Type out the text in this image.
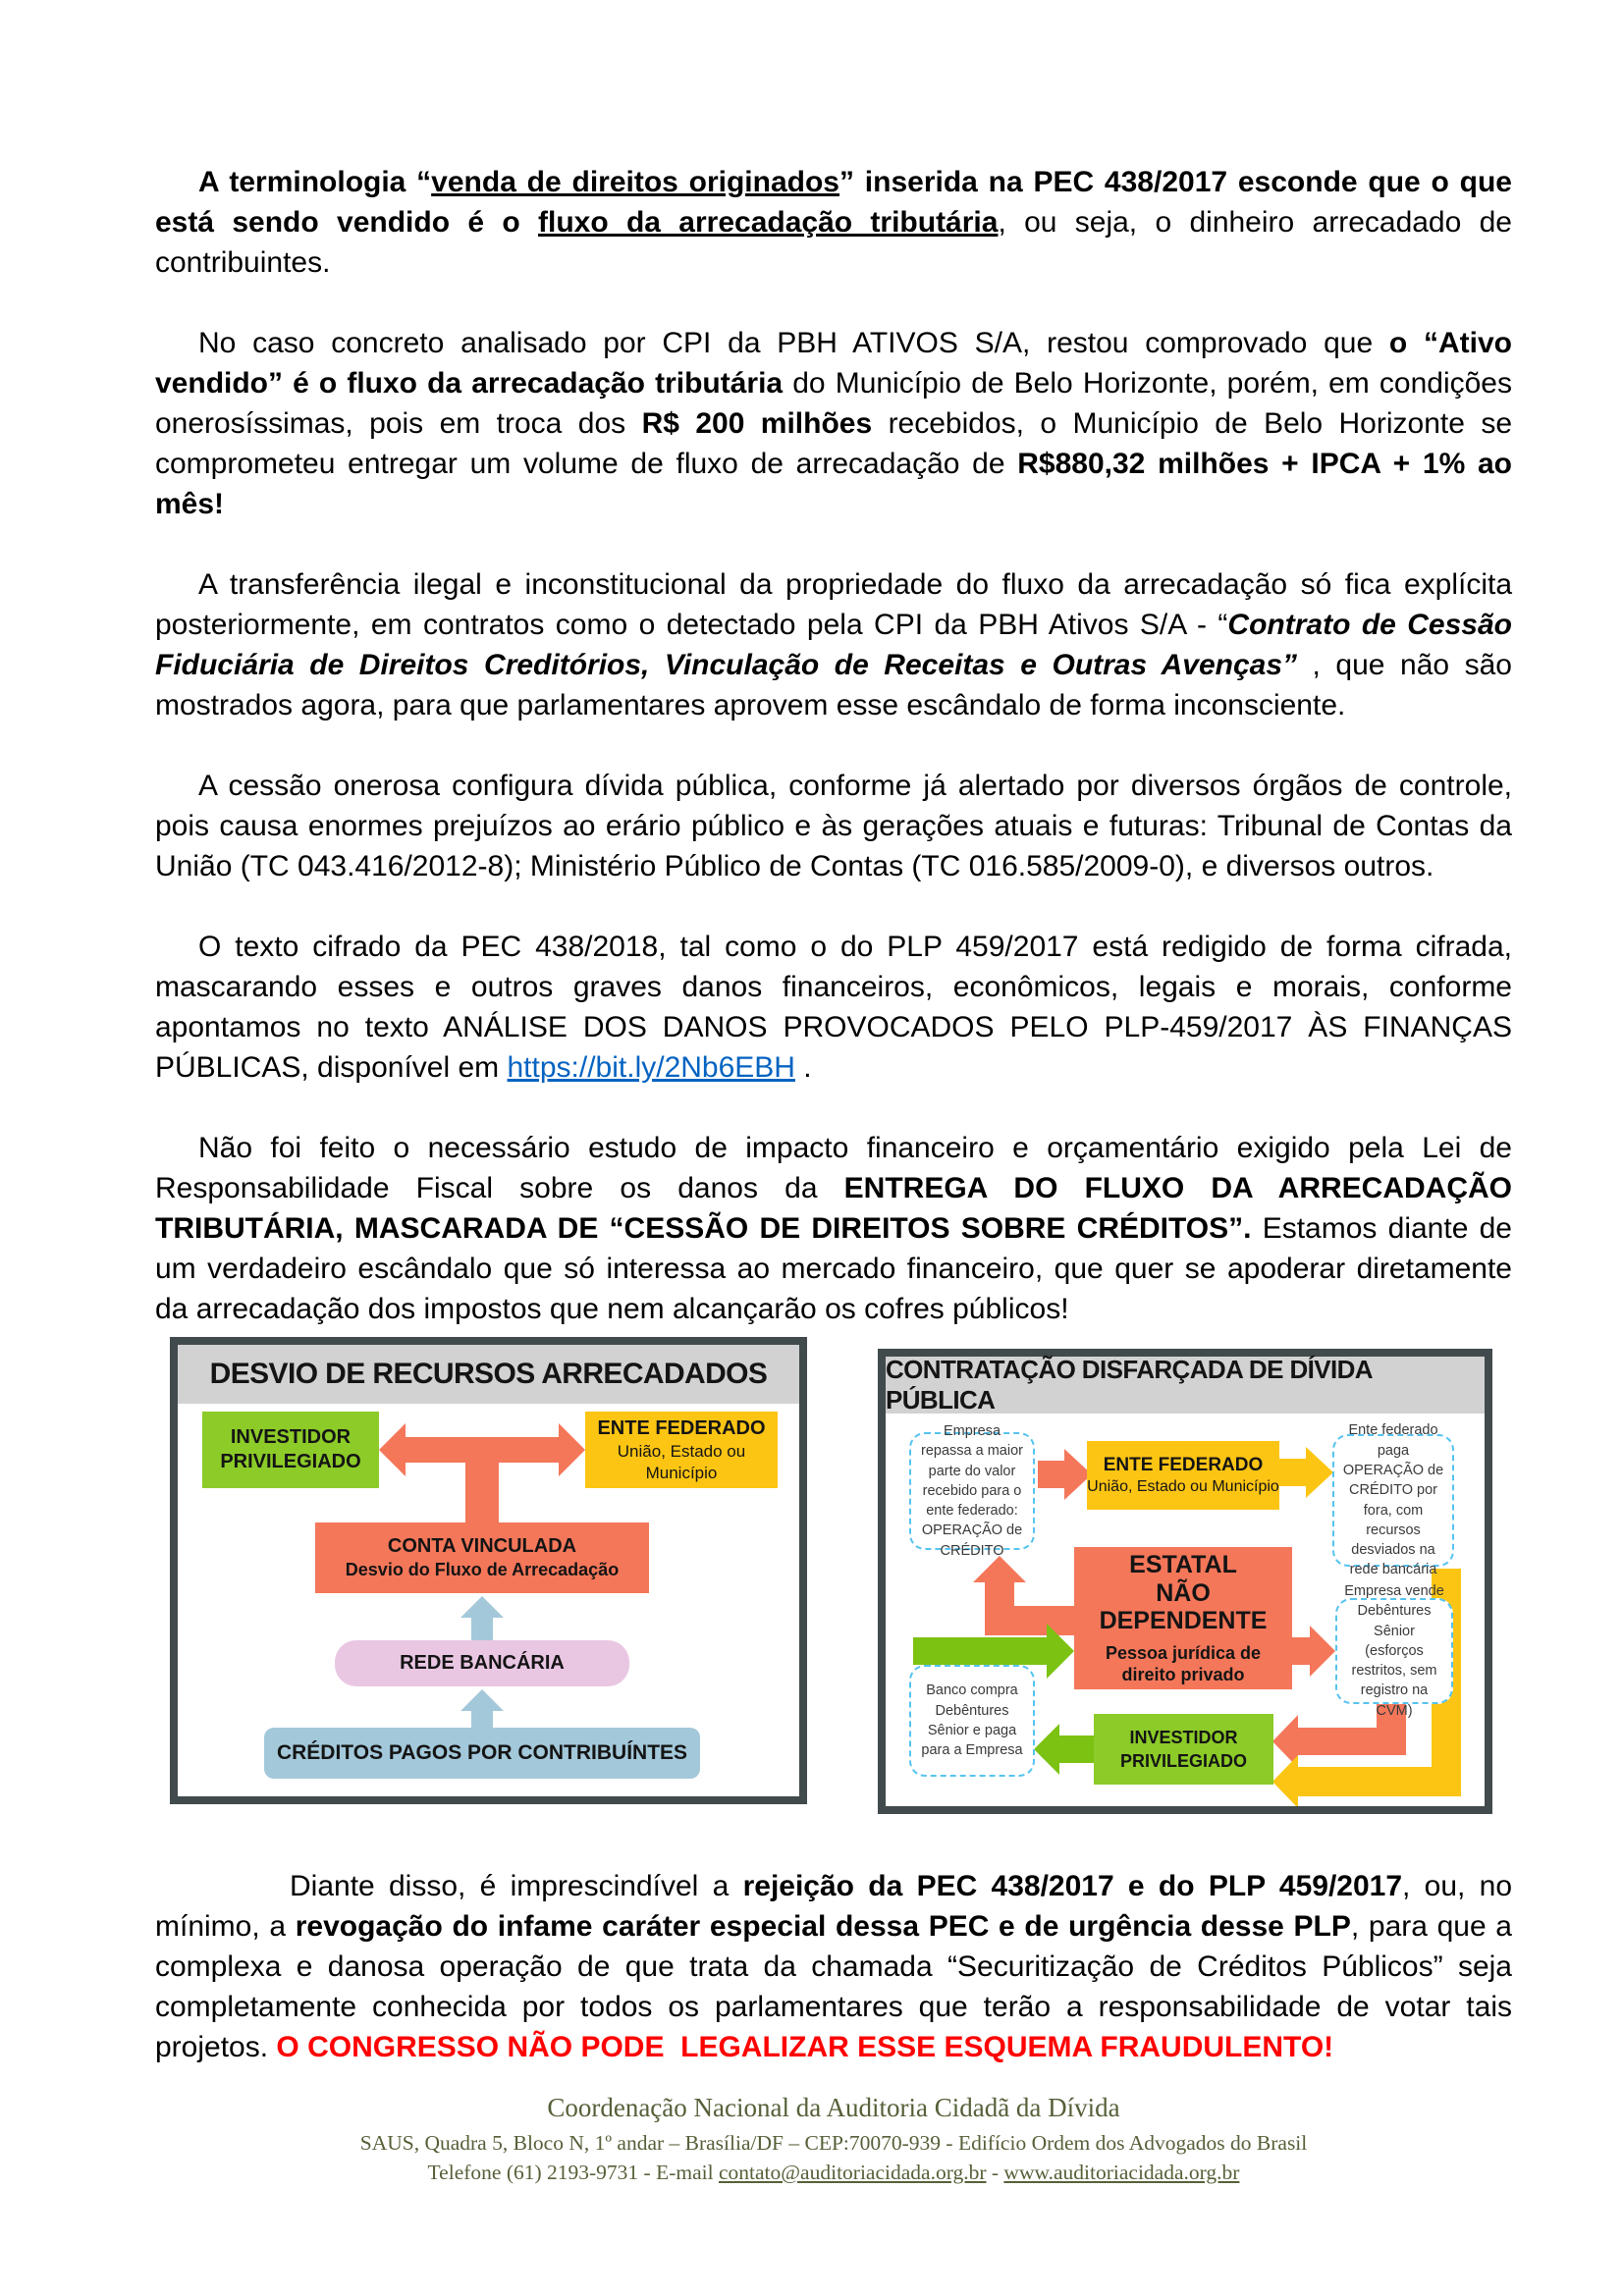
A terminologia “venda de direitos originados” inserida na PEC 438/2017 esconde que o que está sendo vendido é o fluxo da arrecadação tributária, ou seja, o dinheiro arrecadado de contribuintes.
No caso concreto analisado por CPI da PBH ATIVOS S/A, restou comprovado que o “Ativo vendido” é o fluxo da arrecadação tributária do Município de Belo Horizonte, porém, em condições onerosíssimas, pois em troca dos R$ 200 milhões recebidos, o Município de Belo Horizonte se comprometeu entregar um volume de fluxo de arrecadação de R$880,32 milhões + IPCA + 1% ao mês!
A transferência ilegal e inconstitucional da propriedade do fluxo da arrecadação só fica explícita posteriormente, em contratos como o detectado pela CPI da PBH Ativos S/A - “Contrato de Cessão Fiduciária de Direitos Creditórios, Vinculação de Receitas e Outras Avenças” , que não são mostrados agora, para que parlamentares aprovem esse escândalo de forma inconsciente.
A cessão onerosa configura dívida pública, conforme já alertado por diversos órgãos de controle, pois causa enormes prejuízos ao erário público e às gerações atuais e futuras: Tribunal de Contas da União (TC 043.416/2012-8); Ministério Público de Contas (TC 016.585/2009-0), e diversos outros.
O texto cifrado da PEC 438/2018, tal como o do PLP 459/2017 está redigido de forma cifrada, mascarando esses e outros graves danos financeiros, econômicos, legais e morais, conforme apontamos no texto ANÁLISE DOS DANOS PROVOCADOS PELO PLP-459/2017 ÀS FINANÇAS PÚBLICAS, disponível em https://bit.ly/2Nb6EBH .
Não foi feito o necessário estudo de impacto financeiro e orçamentário exigido pela Lei de Responsabilidade Fiscal sobre os danos da ENTREGA DO FLUXO DA ARRECADAÇÃO TRIBUTÁRIA, MASCARADA DE “CESSÃO DE DIREITOS SOBRE CRÉDITOS”. Estamos diante de um verdadeiro escândalo que só interessa ao mercado financeiro, que quer se apoderar diretamente da arrecadação dos impostos que nem alcançarão os cofres públicos!
DESVIO DE RECURSOS ARRECADADOS
INVESTIDOR
PRIVILEGIADO
ENTE FEDERADO
União, Estado ou Município
CONTA VINCULADA
Desvio do Fluxo de Arrecadação
REDE BANCÁRIA
CRÉDITOS PAGOS POR CONTRIBUÍNTES
CONTRATAÇÃO DISFARÇADA DE DÍVIDA PÚBLICA
Empresa repassa a maior parte do valor recebido para o ente federado: OPERAÇÃO de CRÉDITO
ENTE FEDERADO
União, Estado ou Município
Ente federado paga OPERAÇÃO de CRÉDITO por fora, com recursos desviados na rede bancária
ESTATAL
NÃO DEPENDENTE
Pessoa jurídica de
direito privado
Empresa vende Debêntures Sênior (esforços restritos, sem registro na CVM)
Banco compra Debêntures Sênior e paga para a Empresa
INVESTIDOR
PRIVILEGIADO
Diante disso, é imprescindível a rejeição da PEC 438/2017 e do PLP 459/2017, ou, no mínimo, a revogação do infame caráter especial dessa PEC e de urgência desse PLP, para que a complexa e danosa operação de que trata da chamada “Securitização de Créditos Públicos” seja completamente conhecida por todos os parlamentares que terão a responsabilidade de votar tais projetos. O CONGRESSO NÃO PODE  LEGALIZAR ESSE ESQUEMA FRAUDULENTO!
Coordenação Nacional da Auditoria Cidadã da Dívida
SAUS, Quadra 5, Bloco N, 1º andar – Brasília/DF – CEP:70070-939 - Edifício Ordem dos Advogados do Brasil
Telefone (61) 2193-9731 - E-mail contato@auditoriacidada.org.br - www.auditoriacidada.org.br
